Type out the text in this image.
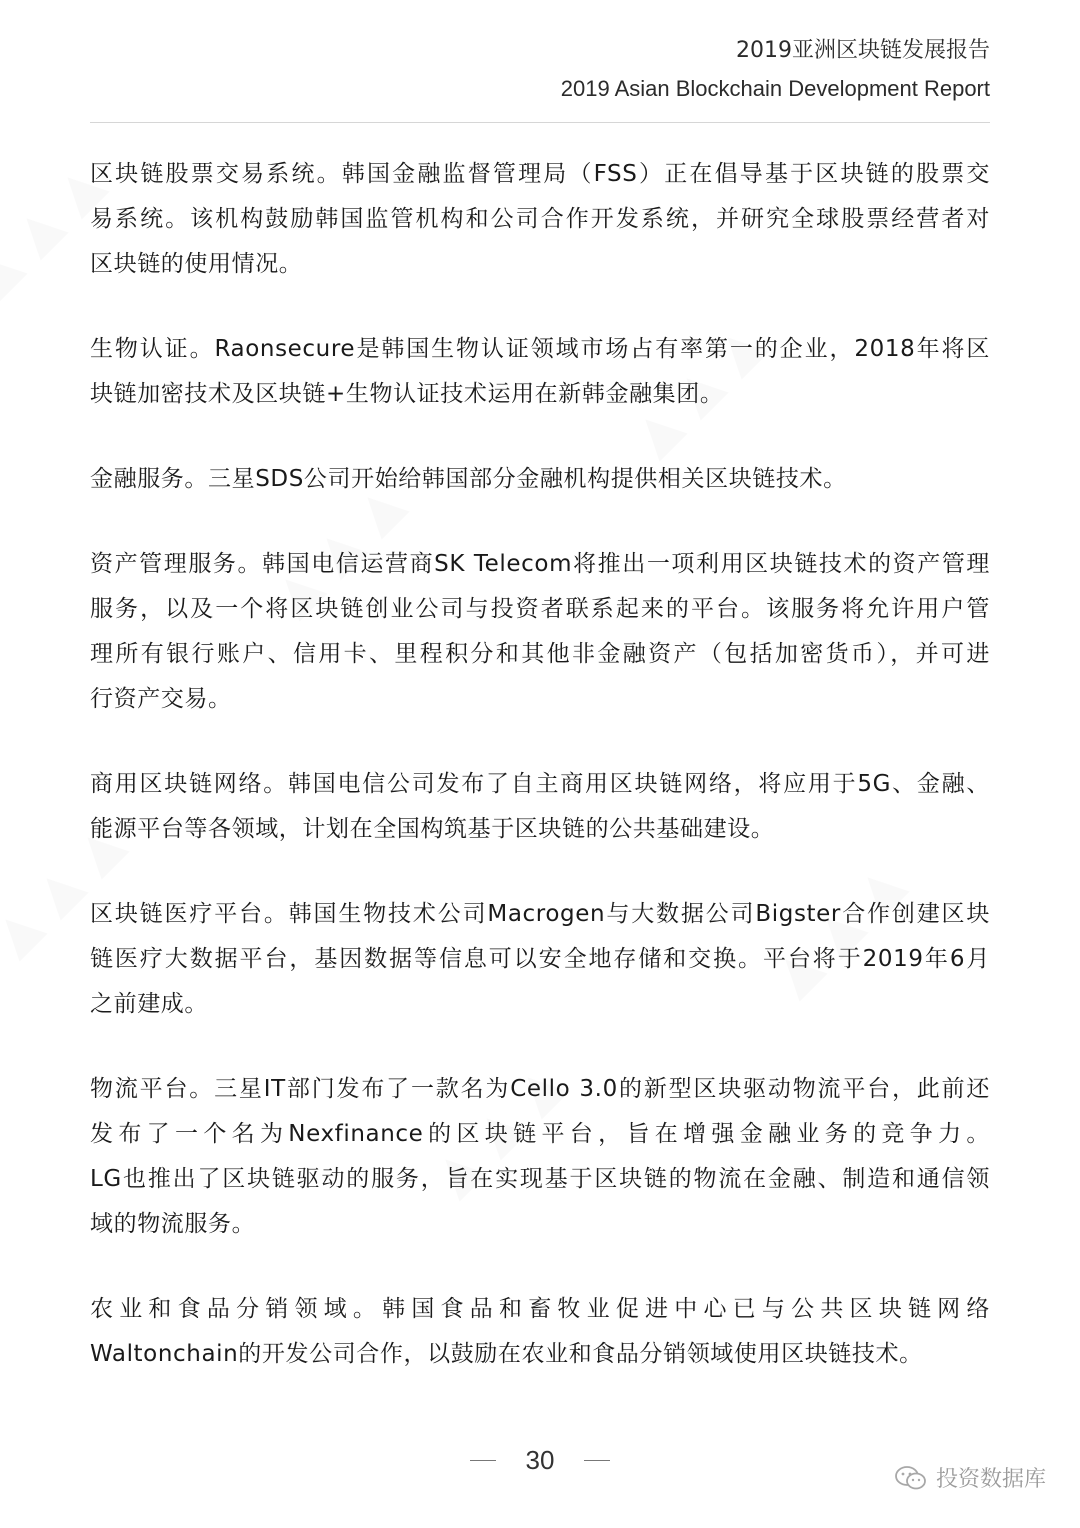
2019亚洲区块链发展报告
2019 Asian Blockchain Development Report

区块链股票交易系统。韩国金融监督管理局（FSS）正在倡导基于区块链的股票交

易系统。该机构鼓励韩国监管机构和公司合作开发系统，并研究全球股票经营者对

区块链的使用情况。

生物认证。Raonsecure是韩国生物认证领域市场占有率第一的企业，2018年将区

块链加密技术及区块链+生物认证技术运用在新韩金融集团。

金融服务。三星SDS公司开始给韩国部分金融机构提供相关区块链技术。

资产管理服务。韩国电信运营商SK Telecom将推出一项利用区块链技术的资产管理

服务，以及一个将区块链创业公司与投资者联系起来的平台。该服务将允许用户管

理所有银行账户、信用卡、里程积分和其他非金融资产（包括加密货币），并可进

行资产交易。

商用区块链网络。韩国电信公司发布了自主商用区块链网络，将应用于5G、金融、

能源平台等各领域，计划在全国构筑基于区块链的公共基础建设。

区块链医疗平台。韩国生物技术公司Macrogen与大数据公司Bigster合作创建区块

链医疗大数据平台，基因数据等信息可以安全地存储和交换。平台将于2019年6月

之前建成。

物流平台。三星IT部门发布了一款名为Cello 3.0的新型区块驱动物流平台，此前还

发布了一个名为Nexfinance的区块链平台，旨在增强金融业务的竞争力。

LG也推出了区块链驱动的服务，旨在实现基于区块链的物流在金融、制造和通信领

域的物流服务。

农业和食品分销领域。韩国食品和畜牧业促进中心已与公共区块链网络

Waltonchain的开发公司合作，以鼓励在农业和食品分销领域使用区块链技术。

30
投资数据库
